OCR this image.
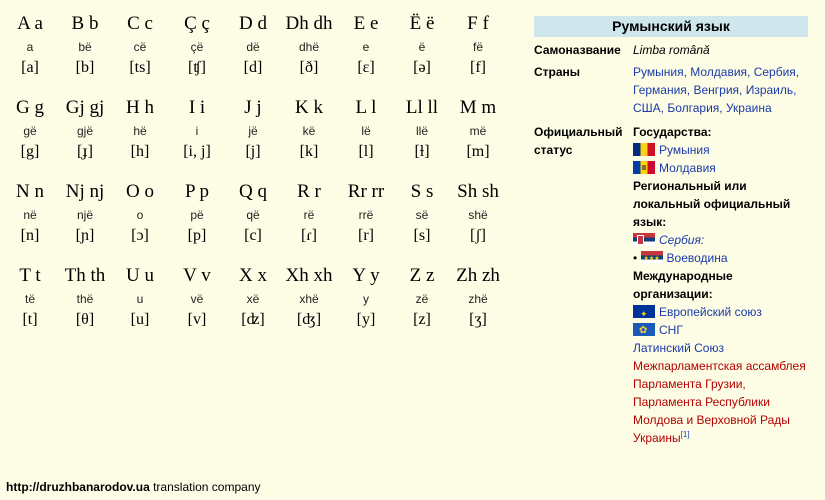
A a
a
[a]
B b
bë
[b]
C c
cë
[ts]
Ç ç
çë
[ʧ]
D d
dë
[d]
Dh dh
dhë
[ð]
E e
e
[ɛ]
Ë ë
ë
[ə]
F f
fë
[f]
G g
gë
[g]
Gj gj
gjë
[ɟ]
H h
hë
[h]
I i
i
[i, j]
J j
jë
[j]
K k
kë
[k]
L l
lë
[l]
Ll ll
llë
[ɫ]
M m
më
[m]
N n
në
[n]
Nj nj
një
[ɲ]
O o
o
[ɔ]
P p
pë
[p]
Q q
që
[c]
R r
rë
[ɾ]
Rr rr
rrë
[r]
S s
së
[s]
Sh sh
shë
[ʃ]
T t
të
[t]
Th th
thë
[θ]
U u
u
[u]
V v
vë
[v]
X x
xë
[ʣ]
Xh xh
xhë
[ʤ]
Y y
y
[y]
Z z
zë
[z]
Zh zh
zhë
[ʒ]
Румынский язык
Самоназвание	Limba română
Страны	Румыния, Молдавия, Сербия, Германия, Венгрия, Израиль, США, Болгария, Украина
Официальный статус
Государства:
Румыния
Молдавия
Региональный или локальный официальный язык:
Сербия:
• ★★★ Воеводина
Международные организации:
✦Европейский союз
✿СНГ
Латинский Союз
Межпарламентская ассамблея Парламента Грузии, Парламента Республики Молдова и Верховной Рады Украины[1]
http://druzhbanarodov.ua translation company
